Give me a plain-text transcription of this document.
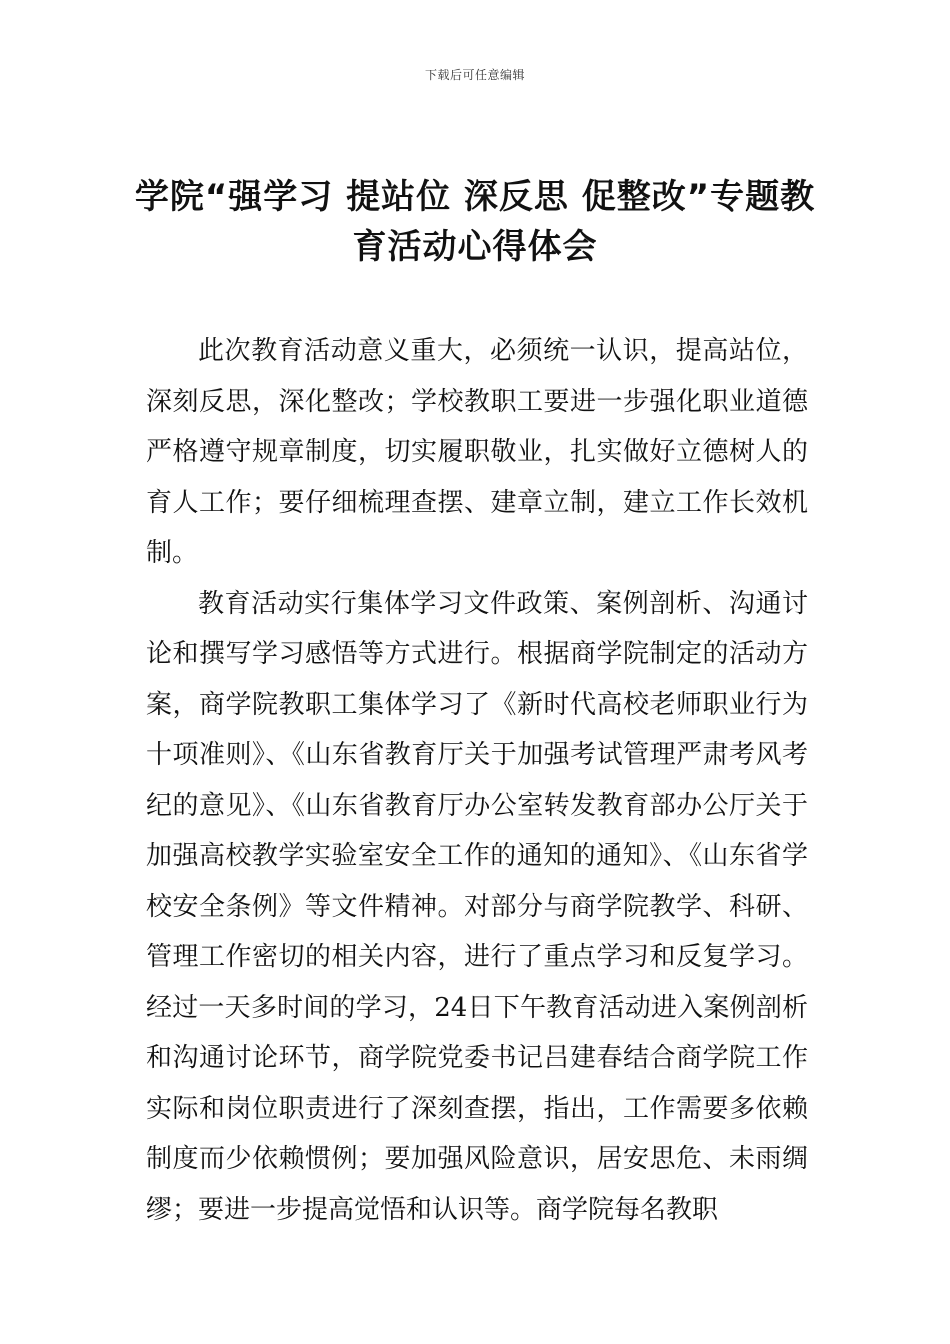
下载后可任意编辑
学院“强学习 提站位 深反思 促整改”专题教育活动心得体会

此次教育活动意义重大，必须统一认识，提高站位，深刻反思，深化整改；学校教职工要进一步强化职业道德严格遵守规章制度，切实履职敬业，扎实做好立德树人的育人工作；要仔细梳理查摆、建章立制，建立工作长效机制。

教育活动实行集体学习文件政策、案例剖析、沟通讨论和撰写学习感悟等方式进行。根据商学院制定的活动方案，商学院教职工集体学习了《新时代高校老师职业行为十项准则》、《山东省教育厅关于加强考试管理严肃考风考纪的意见》、《山东省教育厅办公室转发教育部办公厅关于加强高校教学实验室安全工作的通知的通知》、《山东省学校安全条例》等文件精神。对部分与商学院教学、科研、管理工作密切的相关内容，进行了重点学习和反复学习。经过一天多时间的学习，24日下午教育活动进入案例剖析和沟通讨论环节，商学院党委书记吕建春结合商学院工作实际和岗位职责进行了深刻查摆，指出，工作需要多依赖制度而少依赖惯例；要加强风险意识，居安思危、未雨绸缪；要进一步提高觉悟和认识等。商学院每名教职
